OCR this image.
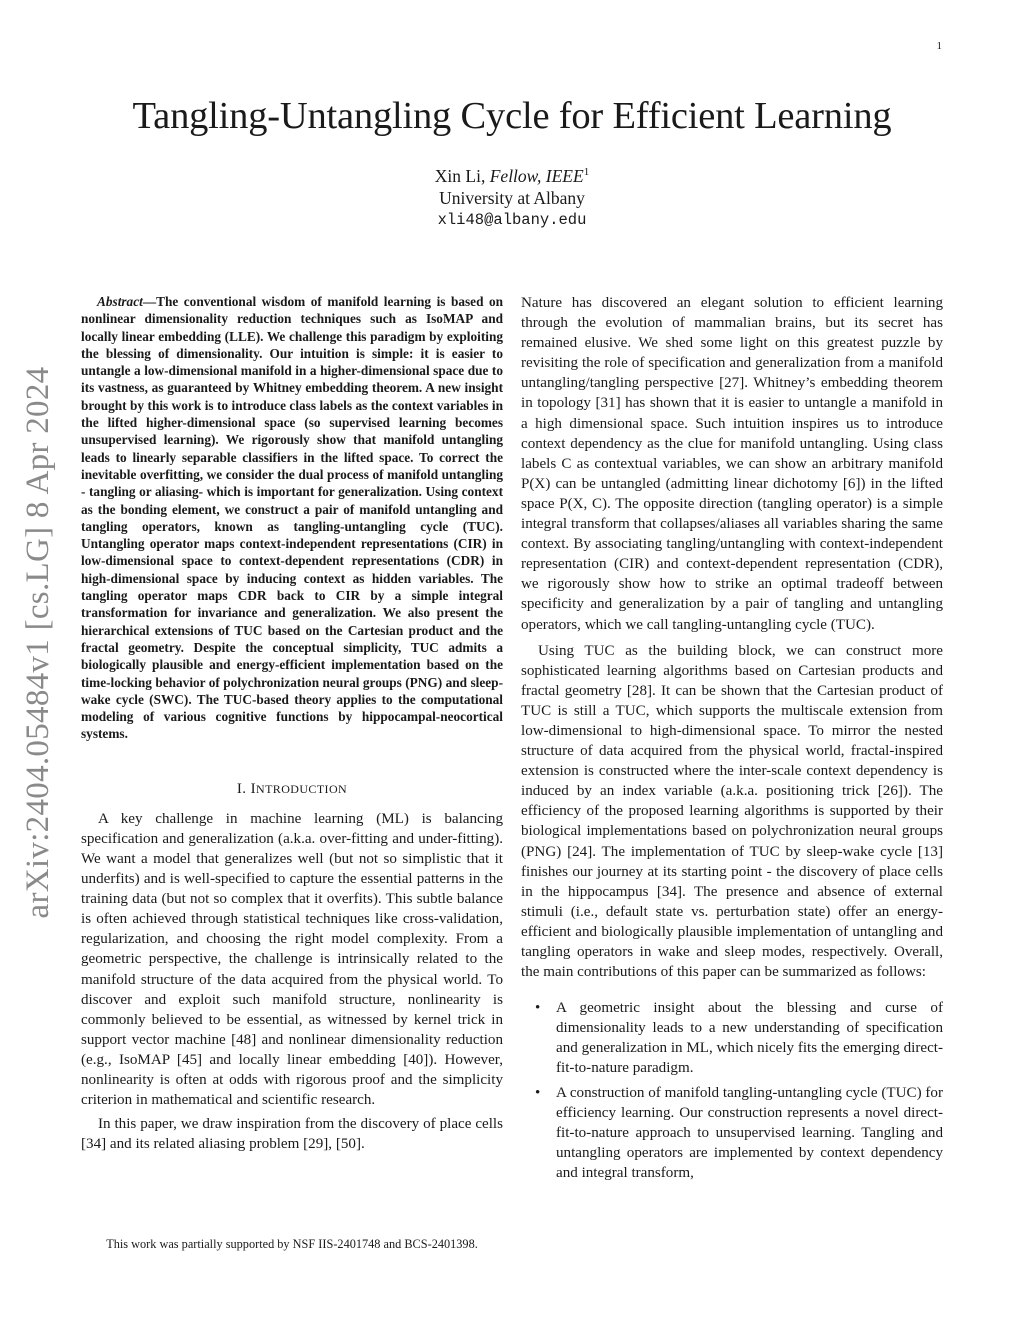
1
arXiv:2404.05484v1 [cs.LG] 8 Apr 2024
Tangling-Untangling Cycle for Efficient Learning
Xin Li, Fellow, IEEE$^1$
University at Albany
xli48@albany.edu

Abstract—The conventional wisdom of manifold learning is based on nonlinear dimensionality reduction techniques such as IsoMAP and locally linear embedding (LLE). We challenge this paradigm by exploiting the blessing of dimensionality. Our intuition is simple: it is easier to untangle a low-dimensional manifold in a higher-dimensional space due to its vastness, as guaranteed by Whitney embedding theorem. A new insight brought by this work is to introduce class labels as the context variables in the lifted higher-dimensional space (so supervised learning becomes unsupervised learning). We rigorously show that manifold untangling leads to linearly separable classifiers in the lifted space. To correct the inevitable overfitting, we consider the dual process of manifold untangling - tangling or aliasing- which is important for generalization. Using context as the bonding element, we construct a pair of manifold untangling and tangling operators, known as tangling-untangling cycle (TUC). Untangling operator maps context-independent representations (CIR) in low-dimensional space to context-dependent representations (CDR) in high-dimensional space by inducing context as hidden variables. The tangling operator maps CDR back to CIR by a simple integral transformation for invariance and generalization. We also present the hierarchical extensions of TUC based on the Cartesian product and the fractal geometry. Despite the conceptual simplicity, TUC admits a biologically plausible and energy-efficient implementation based on the time-locking behavior of polychronization neural groups (PNG) and sleep-wake cycle (SWC). The TUC-based theory applies to the computational modeling of various cognitive functions by hippocampal-neocortical systems.

I. INTRODUCTION

A key challenge in machine learning (ML) is balancing specification and generalization (a.k.a. over-fitting and under-fitting). We want a model that generalizes well (but not so simplistic that it underfits) and is well-specified to capture the essential patterns in the training data (but not so complex that it overfits). This subtle balance is often achieved through statistical techniques like cross-validation, regularization, and choosing the right model complexity. From a geometric perspective, the challenge is intrinsically related to the manifold structure of the data acquired from the physical world. To discover and exploit such manifold structure, nonlinearity is commonly believed to be essential, as witnessed by kernel trick in support vector machine [48] and nonlinear dimensionality reduction (e.g., IsoMAP [45] and locally linear embedding [40]). However, nonlinearity is often at odds with rigorous proof and the simplicity criterion in mathematical and scientific research.

In this paper, we draw inspiration from the discovery of place cells [34] and its related aliasing problem [29], [50].

This work was partially supported by NSF IIS-2401748 and BCS-2401398.

Nature has discovered an elegant solution to efficient learning through the evolution of mammalian brains, but its secret has remained elusive. We shed some light on this greatest puzzle by revisiting the role of specification and generalization from a manifold untangling/tangling perspective [27]. Whitney’s embedding theorem in topology [31] has shown that it is easier to untangle a manifold in a high dimensional space. Such intuition inspires us to introduce context dependency as the clue for manifold untangling. Using class labels C as contextual variables, we can show an arbitrary manifold P(X) can be untangled (admitting linear dichotomy [6]) in the lifted space P(X, C). The opposite direction (tangling operator) is a simple integral transform that collapses/aliases all variables sharing the same context. By associating tangling/untangling with context-independent representation (CIR) and context-dependent representation (CDR), we rigorously show how to strike an optimal tradeoff between specificity and generalization by a pair of tangling and untangling operators, which we call tangling-untangling cycle (TUC).

Using TUC as the building block, we can construct more sophisticated learning algorithms based on Cartesian products and fractal geometry [28]. It can be shown that the Cartesian product of TUC is still a TUC, which supports the multiscale extension from low-dimensional to high-dimensional space. To mirror the nested structure of data acquired from the physical world, fractal-inspired extension is constructed where the inter-scale context dependency is induced by an index variable (a.k.a. positioning trick [26]). The efficiency of the proposed learning algorithms is supported by their biological implementations based on polychronization neural groups (PNG) [24]. The implementation of TUC by sleep-wake cycle [13] finishes our journey at its starting point - the discovery of place cells in the hippocampus [34]. The presence and absence of external stimuli (i.e., default state vs. perturbation state) offer an energy-efficient and biologically plausible implementation of untangling and tangling operators in wake and sleep modes, respectively. Overall, the main contributions of this paper can be summarized as follows:

• A geometric insight about the blessing and curse of dimensionality leads to a new understanding of specification and generalization in ML, which nicely fits the emerging direct-fit-to-nature paradigm.
• A construction of manifold tangling-untangling cycle (TUC) for efficiency learning. Our construction represents a novel direct-fit-to-nature approach to unsupervised learning. Tangling and untangling operators are implemented by context dependency and integral transform,
